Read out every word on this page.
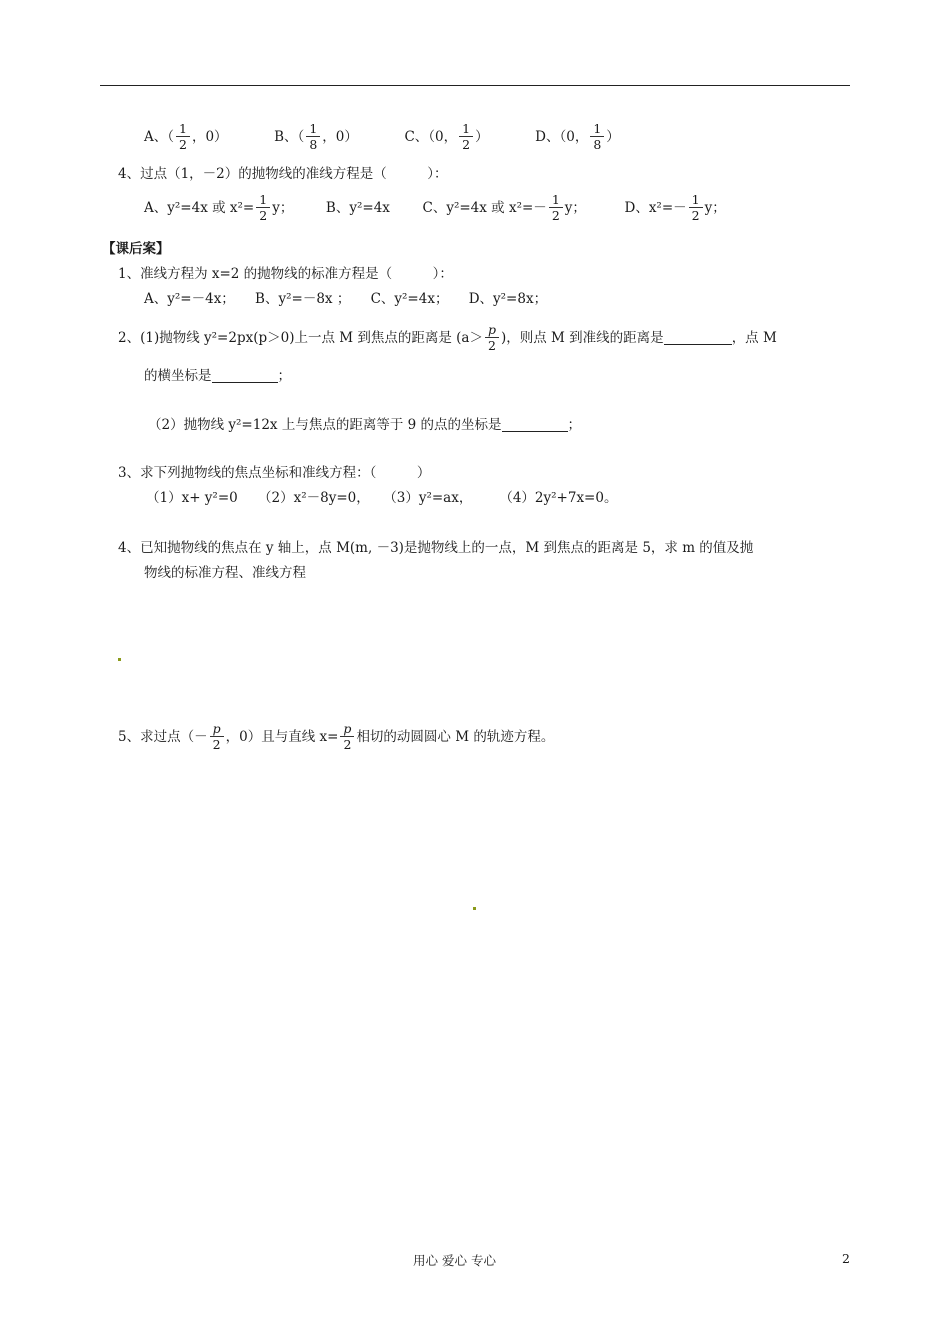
A、（ $\frac{1}{2}$ ，0）	B、（ $\frac{1}{8}$ ，0）	C、（0， $\frac{1}{2}$ ）	D、（0， $\frac{1}{8}$ ）
4、过点（1，－2）的抛物线的准线方程是（　　　）：
A、y²=4x 或 $x^2= \frac{1}{2}$ y； B、y²=4x C、y²=4x 或 $x^2=- \frac{1}{2}$ y；	D、$x^2=- \frac{1}{2}$ y；
【课后案】
1、准线方程为 x=2 的抛物线的标准方程是（　　　）：
A、y²=－4x；　　B、y²=－8x ；　　C、y²=4x；　　D、y²=8x；
2、(1)抛物线 y²=2px(p＞0)上一点 M 到焦点的距离是 ($a> \frac{p}{2}$ )，则点 M 到准线的距离是	，点 M
的横坐标是	；
（2）抛物线 y²=12x 上与焦点的距离等于 9 的点的坐标是	；
3、求下列抛物线的焦点坐标和准线方程：（　　　）
（1）x+ y²=0　　（2）x²－8y=0，　　（3）y²=ax，　　　（4）2y²+7x=0。
4、已知抛物线的焦点在 y 轴上，点 M(m, －3)是抛物线上的一点，M 到焦点的距离是 5，求 m 的值及抛
物线的标准方程、准线方程
5、求过点（－ $\frac{p}{2}$ ，0）且与直线 $x= \frac{p}{2}$ 相切的动圆圆心 M 的轨迹方程。
用心 爱心 专心	2
